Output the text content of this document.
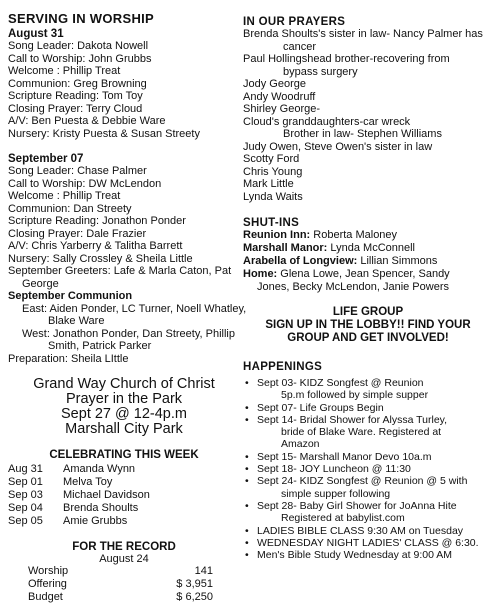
SERVING IN WORSHIP
August 31
Song Leader: Dakota Nowell
Call to Worship: John Grubbs
Welcome : Phillip Treat
Communion: Greg Browning
Scripture Reading: Tom Toy
Closing Prayer: Terry Cloud
A/V: Ben Puesta & Debbie Ware
Nursery: Kristy Puesta & Susan Streety
September 07
Song Leader: Chase Palmer
Call to Worship: DW McLendon
Welcome : Phillip Treat
Communion: Dan Streety
Scripture Reading: Jonathon Ponder
Closing Prayer: Dale Frazier
A/V: Chris Yarberry & Talitha Barrett
Nursery: Sally Crossley & Sheila Little
September Greeters: Lafe & Marla Caton, Pat
George
September Communion
East: Aiden Ponder, LC Turner, Noell Whatley,
Blake Ware
West: Jonathon Ponder, Dan Streety, Phillip
Smith, Patrick Parker
Preparation: Sheila LIttle
Grand Way Church of Christ
Prayer in the Park
Sept 27 @ 12-4p.m
Marshall City Park
CELEBRATING THIS WEEK
Aug 31	Amanda Wynn
Sep 01	Melva Toy
Sep 03	Michael Davidson
Sep 04	Brenda Shoults
Sep 05	Amie Grubbs
FOR THE RECORD
August 24
Worship	141
Offering	$ 3,951
Budget	$ 6,250
IN OUR PRAYERS
Brenda Shoults's sister in law- Nancy Palmer has
cancer
Paul Hollingshead brother-recovering from
bypass surgery
Jody George
Andy Woodruff
Shirley George-
Cloud's granddaughters-car wreck
Brother in law- Stephen Williams
Judy Owen, Steve Owen's sister in law
Scotty Ford
Chris Young
Mark Little
Lynda Waits
SHUT-INS
Reunion Inn: Roberta Maloney
Marshall Manor: Lynda McConnell
Arabella of Longview: Lillian Simmons
Home: Glena Lowe, Jean Spencer, Sandy
Jones, Becky McLendon, Janie Powers
LIFE GROUP
SIGN UP IN THE LOBBY!! FIND YOUR
GROUP AND GET INVOLVED!
HAPPENINGS
• Sept 03- KIDZ Songfest @ Reunion
5p.m followed by simple supper
• Sept 07- Life Groups Begin
• Sept 14- Bridal Shower for Alyssa Turley,
bride of Blake Ware. Registered at
Amazon
• Sept 15- Marshall Manor Devo 10a.m
• Sept 18- JOY Luncheon @ 11:30
• Sept 24- KIDZ Songfest @ Reunion @ 5 with
simple supper following
• Sept 28- Baby Girl Shower for JoAnna Hite
Registered at babylist.com
• LADIES BIBLE CLASS 9:30 AM on Tuesday
• WEDNESDAY NIGHT LADIES' CLASS @ 6:30.
• Men's Bible Study Wednesday at 9:00 AM
